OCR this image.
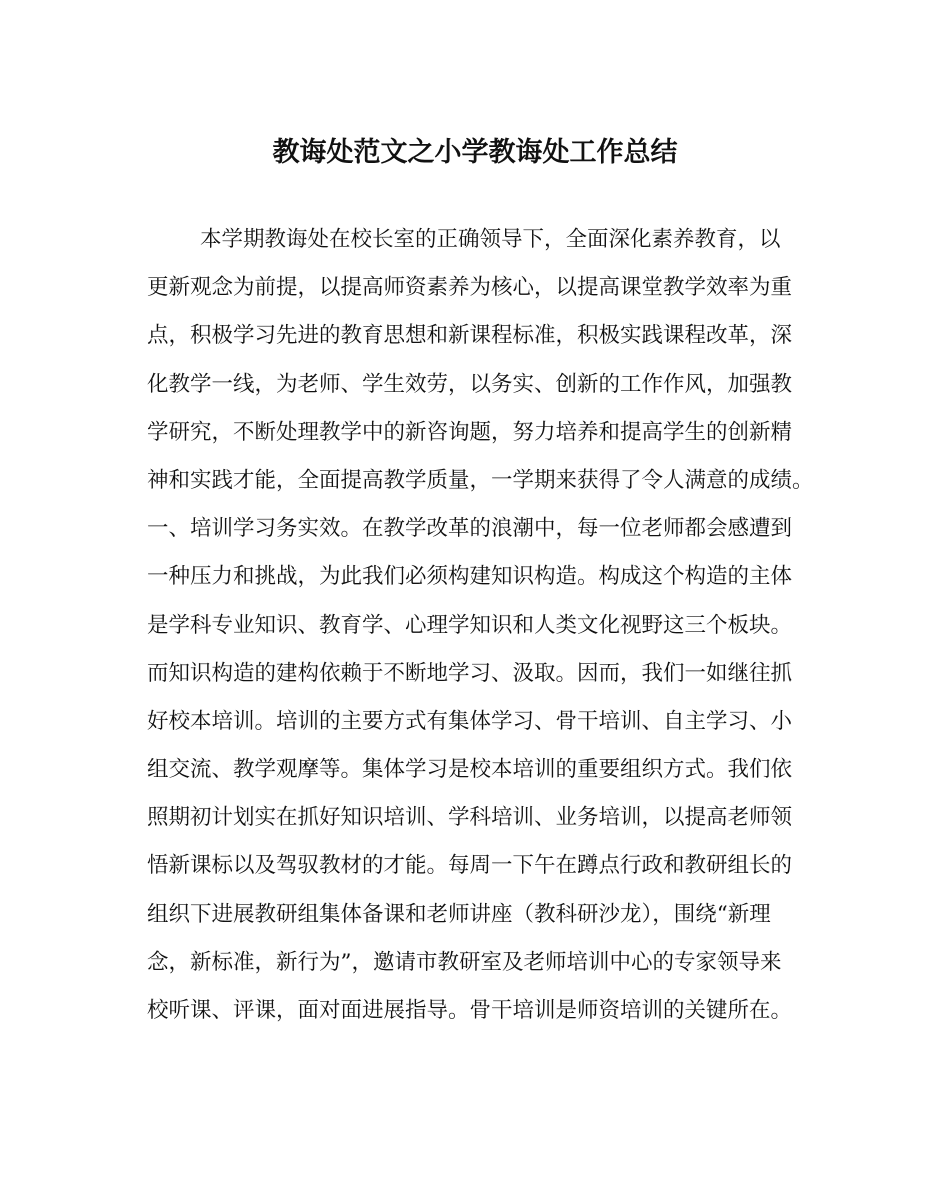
教诲处范文之小学教诲处工作总结
本学期教诲处在校长室的正确领导下，全面深化素养教育，以
更新观念为前提，以提高师资素养为核心，以提高课堂教学效率为重
点，积极学习先进的教育思想和新课程标准，积极实践课程改革，深
化教学一线，为老师、学生效劳，以务实、创新的工作作风，加强教
学研究，不断处理教学中的新咨询题，努力培养和提高学生的创新精
神和实践才能，全面提高教学质量，一学期来获得了令人满意的成绩。
一、培训学习务实效。在教学改革的浪潮中，每一位老师都会感遭到
一种压力和挑战，为此我们必须构建知识构造。构成这个构造的主体
是学科专业知识、教育学、心理学知识和人类文化视野这三个板块。
而知识构造的建构依赖于不断地学习、汲取。因而，我们一如继往抓
好校本培训。培训的主要方式有集体学习、骨干培训、自主学习、小
组交流、教学观摩等。集体学习是校本培训的重要组织方式。我们依
照期初计划实在抓好知识培训、学科培训、业务培训，以提高老师领
悟新课标以及驾驭教材的才能。每周一下午在蹲点行政和教研组长的
组织下进展教研组集体备课和老师讲座（教科研沙龙），围绕“新理
念，新标准，新行为”，邀请市教研室及老师培训中心的专家领导来
校听课、评课，面对面进展指导。骨干培训是师资培训的关键所在。
